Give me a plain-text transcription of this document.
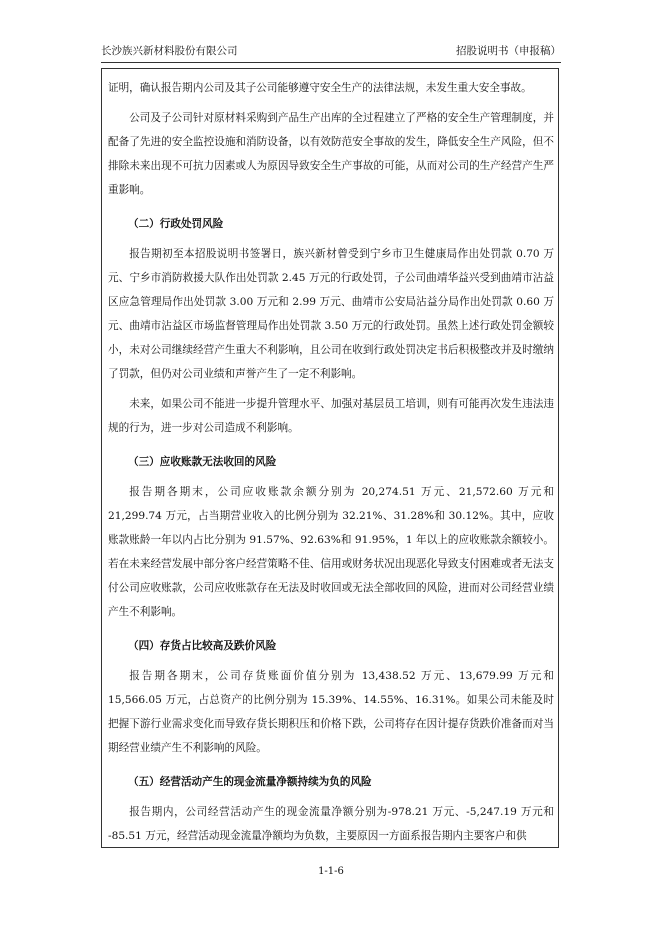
长沙族兴新材料股份有限公司	招股说明书（申报稿）

证明，确认报告期内公司及其子公司能够遵守安全生产的法律法规，未发生重大安全事故。

公司及子公司针对原材料采购到产品生产出库的全过程建立了严格的安全生产管理制度，并配备了先进的安全监控设施和消防设备，以有效防范安全事故的发生，降低安全生产风险，但不排除未来出现不可抗力因素或人为原因导致安全生产事故的可能，从而对公司的生产经营产生严重影响。

（二）行政处罚风险

报告期初至本招股说明书签署日，族兴新材曾受到宁乡市卫生健康局作出处罚款 0.70 万元、宁乡市消防救援大队作出处罚款 2.45 万元的行政处罚，子公司曲靖华益兴受到曲靖市沾益区应急管理局作出处罚款 3.00 万元和 2.99 万元、曲靖市公安局沾益分局作出处罚款 0.60 万元、曲靖市沾益区市场监督管理局作出处罚款 3.50 万元的行政处罚。虽然上述行政处罚金额较小，未对公司继续经营产生重大不利影响，且公司在收到行政处罚决定书后积极整改并及时缴纳了罚款，但仍对公司业绩和声誉产生了一定不利影响。

未来，如果公司不能进一步提升管理水平、加强对基层员工培训，则有可能再次发生违法违规的行为，进一步对公司造成不利影响。

（三）应收账款无法收回的风险

报告期各期末，公司应收账款余额分别为 20,274.51 万元、21,572.60 万元和 21,299.74 万元，占当期营业收入的比例分别为 32.21%、31.28%和 30.12%。其中，应收账款账龄一年以内占比分别为 91.57%、92.63%和 91.95%，1 年以上的应收账款余额较小。若在未来经营发展中部分客户经营策略不佳、信用或财务状况出现恶化导致支付困难或者无法支付公司应收账款，公司应收账款存在无法及时收回或无法全部收回的风险，进而对公司经营业绩产生不利影响。

（四）存货占比较高及跌价风险

报告期各期末，公司存货账面价值分别为 13,438.52 万元、13,679.99 万元和 15,566.05 万元，占总资产的比例分别为 15.39%、14.55%、16.31%。如果公司未能及时把握下游行业需求变化而导致存货长期积压和价格下跌，公司将存在因计提存货跌价准备而对当期经营业绩产生不利影响的风险。

（五）经营活动产生的现金流量净额持续为负的风险

报告期内，公司经营活动产生的现金流量净额分别为-978.21 万元、-5,247.19 万元和 -85.51 万元，经营活动现金流量净额均为负数，主要原因一方面系报告期内主要客户和供

1-1-6
